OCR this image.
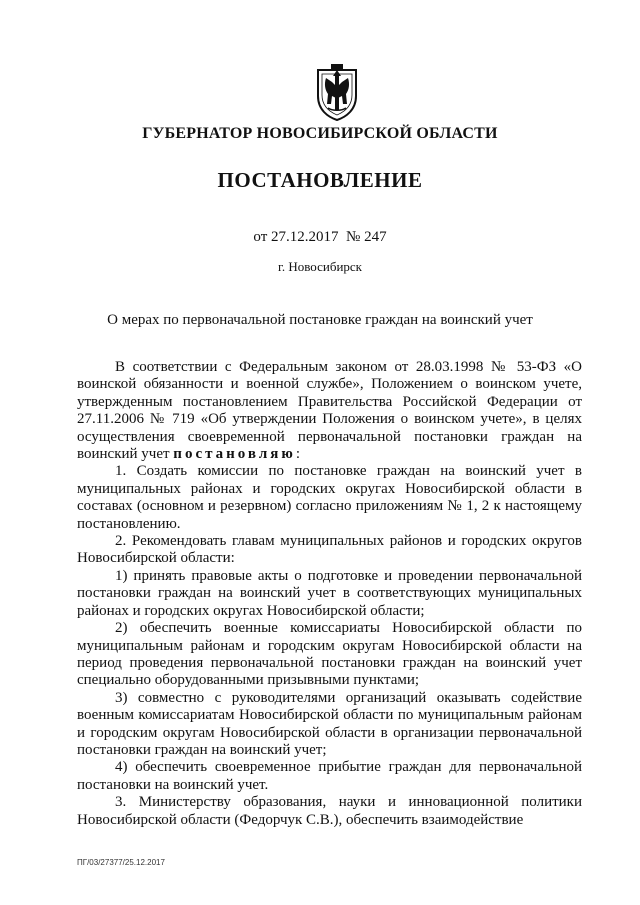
ГУБЕРНАТОР НОВОСИБИРСКОЙ ОБЛАСТИ
ПОСТАНОВЛЕНИЕ
от 27.12.2017 № 247
г. Новосибирск
О мерах по первоначальной постановке граждан на воинский учет

В соответствии с Федеральным законом от 28.03.1998 № 53-ФЗ «О воинской обязанности и военной службе», Положением о воинском учете, утвержденным постановлением Правительства Российской Федерации от 27.11.2006 № 719 «Об утверждении Положения о воинском учете», в целях осуществления своевременной первоначальной постановки граждан на воинский учет постановляю:

1. Создать комиссии по постановке граждан на воинский учет в муниципальных районах и городских округах Новосибирской области в составах (основном и резервном) согласно приложениям № 1, 2 к настоящему постановлению.

2. Рекомендовать главам муниципальных районов и городских округов Новосибирской области:

1) принять правовые акты о подготовке и проведении первоначальной постановки граждан на воинский учет в соответствующих муниципальных районах и городских округах Новосибирской области;

2) обеспечить военные комиссариаты Новосибирской области по муниципальным районам и городским округам Новосибирской области на период проведения первоначальной постановки граждан на воинский учет специально оборудованными призывными пунктами;

3) совместно с руководителями организаций оказывать содействие военным комиссариатам Новосибирской области по муниципальным районам и городским округам Новосибирской области в организации первоначальной постановки граждан на воинский учет;

4) обеспечить своевременное прибытие граждан для первоначальной постановки на воинский учет.

3. Министерству образования, науки и инновационной политики Новосибирской области (Федорчук С.В.), обеспечить взаимодействие

ПГ/03/27377/25.12.2017
